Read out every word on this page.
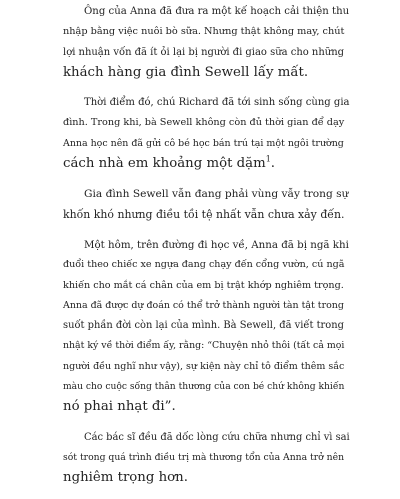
Ông của Anna đã đưa ra một kế hoạch cải thiện thu
nhập bằng việc nuôi bò sữa. Nhưng thật không may, chút
lợi nhuận vốn đã ít ỏi lại bị người đi giao sữa cho những
khách hàng gia đình Sewell lấy mất.

Thời điểm đó, chú Richard đã tới sinh sống cùng gia
đình. Trong khi, bà Sewell không còn đủ thời gian để dạy
Anna học nên đã gửi cô bé học bán trú tại một ngôi trường
cách nhà em khoảng một dặm$^1$.

Gia đình Sewell vẫn đang phải vùng vẫy trong sự
khốn khó nhưng điều tồi tệ nhất vẫn chưa xảy đến.

Một hôm, trên đường đi học về, Anna đã bị ngã khi
đuổi theo chiếc xe ngựa đang chạy đến cổng vườn, cú ngã
khiến cho mắt cá chân của em bị trật khớp nghiêm trọng.
Anna đã được dự đoán có thể trở thành người tàn tật trong
suốt phần đời còn lại của mình. Bà Sewell, đã viết trong
nhật ký về thời điểm ấy, rằng: “Chuyện nhỏ thôi (tất cả mọi
người đều nghĩ như vậy), sự kiện này chỉ tô điểm thêm sắc
màu cho cuộc sống thân thương của con bé chứ không khiến
nó phai nhạt đi”.

Các bác sĩ đều đã dốc lòng cứu chữa nhưng chỉ vì sai
sót trong quá trình điều trị mà thương tổn của Anna trở nên
nghiêm trọng hơn.
